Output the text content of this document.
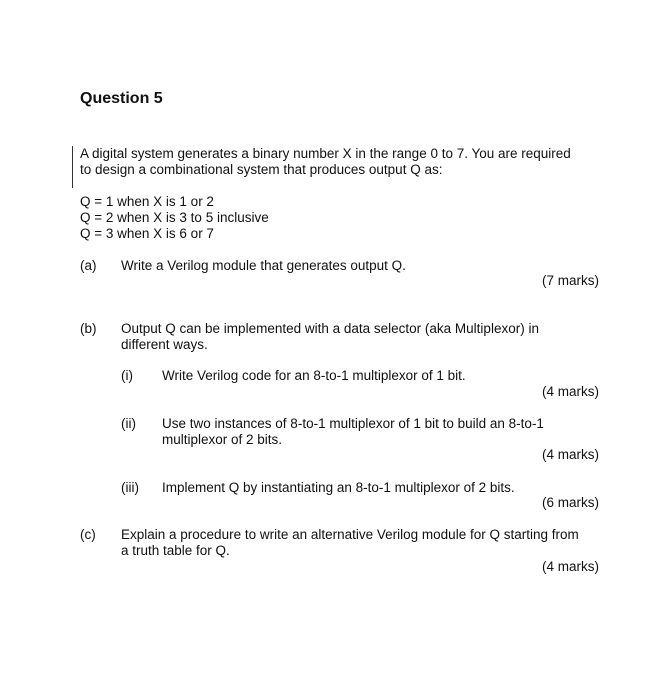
Question 5
A digital system generates a binary number X in the range 0 to 7. You are required
to design a combinational system that produces output Q as:
Q = 1 when X is 1 or 2
Q = 2 when X is 3 to 5 inclusive
Q = 3 when X is 6 or 7
(a) Write a Verilog module that generates output Q.
(7 marks)
(b) Output Q can be implemented with a data selector (aka Multiplexor) in
different ways.
(i) Write Verilog code for an 8-to-1 multiplexor of 1 bit.
(4 marks)
(ii) Use two instances of 8-to-1 multiplexor of 1 bit to build an 8-to-1
multiplexor of 2 bits.
(4 marks)
(iii) Implement Q by instantiating an 8-to-1 multiplexor of 2 bits.
(6 marks)
(c) Explain a procedure to write an alternative Verilog module for Q starting from
a truth table for Q.
(4 marks)
